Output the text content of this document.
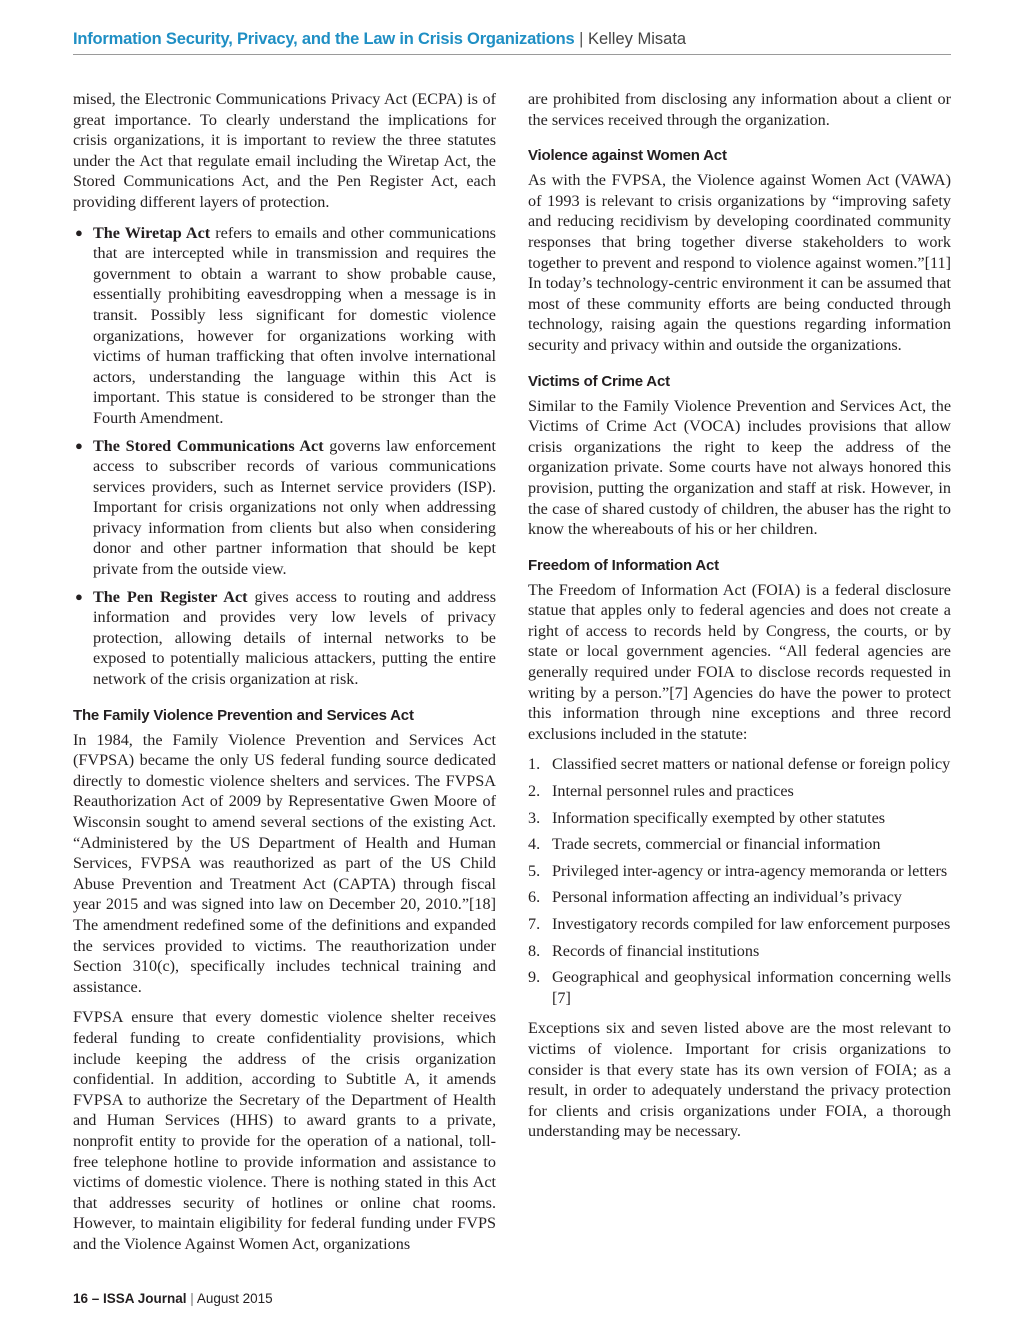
Information Security, Privacy, and the Law in Crisis Organizations | Kelley Misata

mised, the Electronic Communications Privacy Act (ECPA) is of great importance. To clearly understand the implications for crisis organizations, it is important to review the three statutes under the Act that regulate email including the Wiretap Act, the Stored Communications Act, and the Pen Register Act, each providing different layers of protection.

● The Wiretap Act refers to emails and other communications that are intercepted while in transmission and requires the government to obtain a warrant to show probable cause, essentially prohibiting eavesdropping when a message is in transit. Possibly less significant for domestic violence organizations, however for organizations working with victims of human trafficking that often involve international actors, understanding the language within this Act is important. This statue is considered to be stronger than the Fourth Amendment.
● The Stored Communications Act governs law enforcement access to subscriber records of various communications services providers, such as Internet service providers (ISP). Important for crisis organizations not only when addressing privacy information from clients but also when considering donor and other partner information that should be kept private from the outside view.
● The Pen Register Act gives access to routing and address information and provides very low levels of privacy protection, allowing details of internal networks to be exposed to potentially malicious attackers, putting the entire network of the crisis organization at risk.
The Family Violence Prevention and Services Act

In 1984, the Family Violence Prevention and Services Act (FVPSA) became the only US federal funding source dedicated directly to domestic violence shelters and services. The FVPSA Reauthorization Act of 2009 by Representative Gwen Moore of Wisconsin sought to amend several sections of the existing Act. “Administered by the US Department of Health and Human Services, FVPSA was reauthorized as part of the US Child Abuse Prevention and Treatment Act (CAPTA) through fiscal year 2015 and was signed into law on December 20, 2010.”[18] The amendment redefined some of the definitions and expanded the services provided to victims. The reauthorization under Section 310(c), specifically includes technical training and assistance.

FVPSA ensure that every domestic violence shelter receives federal funding to create confidentiality provisions, which include keeping the address of the crisis organization confidential. In addition, according to Subtitle A, it amends FVPSA to authorize the Secretary of the Department of Health and Human Services (HHS) to award grants to a private, nonprofit entity to provide for the operation of a national, toll-free telephone hotline to provide information and assistance to victims of domestic violence. There is nothing stated in this Act that addresses security of hotlines or online chat rooms. However, to maintain eligibility for federal funding under FVPS and the Violence Against Women Act, organizations

are prohibited from disclosing any information about a client or the services received through the organization.

Violence against Women Act

As with the FVPSA, the Violence against Women Act (VAWA) of 1993 is relevant to crisis organizations by “improving safety and reducing recidivism by developing coordinated community responses that bring together diverse stakeholders to work together to prevent and respond to violence against women.”[11] In today’s technology-centric environment it can be assumed that most of these community efforts are being conducted through technology, raising again the questions regarding information security and privacy within and outside the organizations.

Victims of Crime Act

Similar to the Family Violence Prevention and Services Act, the Victims of Crime Act (VOCA) includes provisions that allow crisis organizations the right to keep the address of the organization private. Some courts have not always honored this provision, putting the organization and staff at risk. However, in the case of shared custody of children, the abuser has the right to know the whereabouts of his or her children.

Freedom of Information Act

The Freedom of Information Act (FOIA) is a federal disclosure statue that apples only to federal agencies and does not create a right of access to records held by Congress, the courts, or by state or local government agencies. “All federal agencies are generally required under FOIA to disclose records requested in writing by a person.”[7] Agencies do have the power to protect this information through nine exceptions and three record exclusions included in the statute:

1. Classified secret matters or national defense or foreign policy
2. Internal personnel rules and practices
3. Information specifically exempted by other statutes
4. Trade secrets, commercial or financial information
5. Privileged inter-agency or intra-agency memoranda or letters
6. Personal information affecting an individual’s privacy
7. Investigatory records compiled for law enforcement purposes
8. Records of financial institutions
9. Geographical and geophysical information concerning wells [7]

Exceptions six and seven listed above are the most relevant to victims of violence. Important for crisis organizations to consider is that every state has its own version of FOIA; as a result, in order to adequately understand the privacy protection for clients and crisis organizations under FOIA, a thorough understanding may be necessary.

16 – ISSA Journal | August 2015
